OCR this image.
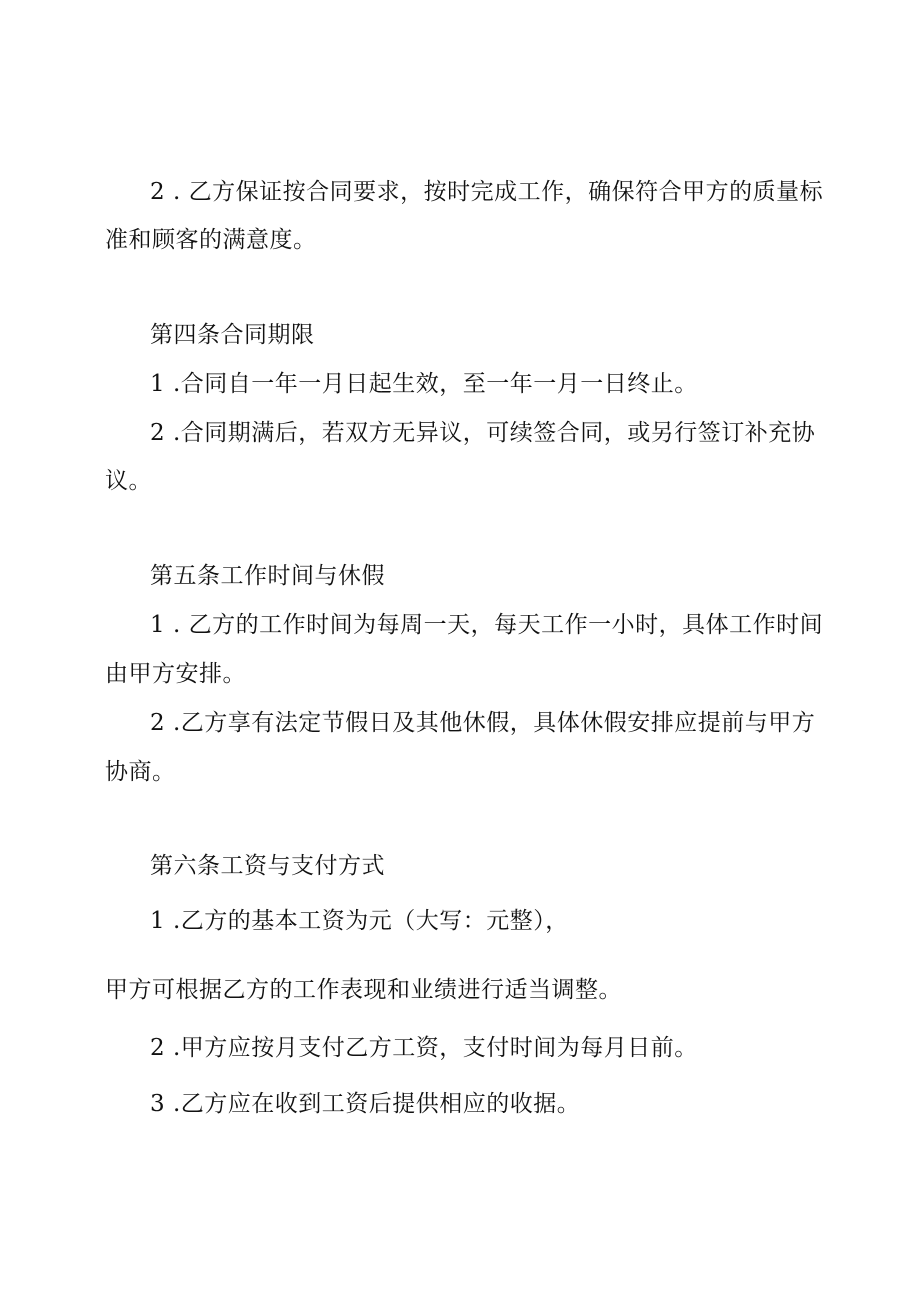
2 . 乙方保证按合同要求，按时完成工作，确保符合甲方的质量标
准和顾客的满意度。
第四条合同期限
1 .合同自一年一月日起生效，至一年一月一日终止。
2 .合同期满后，若双方无异议，可续签合同，或另行签订补充协
议。
第五条工作时间与休假
1 . 乙方的工作时间为每周一天，每天工作一小时，具体工作时间
由甲方安排。
2 .乙方享有法定节假日及其他休假，具体休假安排应提前与甲方
协商。
第六条工资与支付方式
1 .乙方的基本工资为元（大写：元整），
甲方可根据乙方的工作表现和业绩进行适当调整。
2 .甲方应按月支付乙方工资，支付时间为每月日前。
3 .乙方应在收到工资后提供相应的收据。
